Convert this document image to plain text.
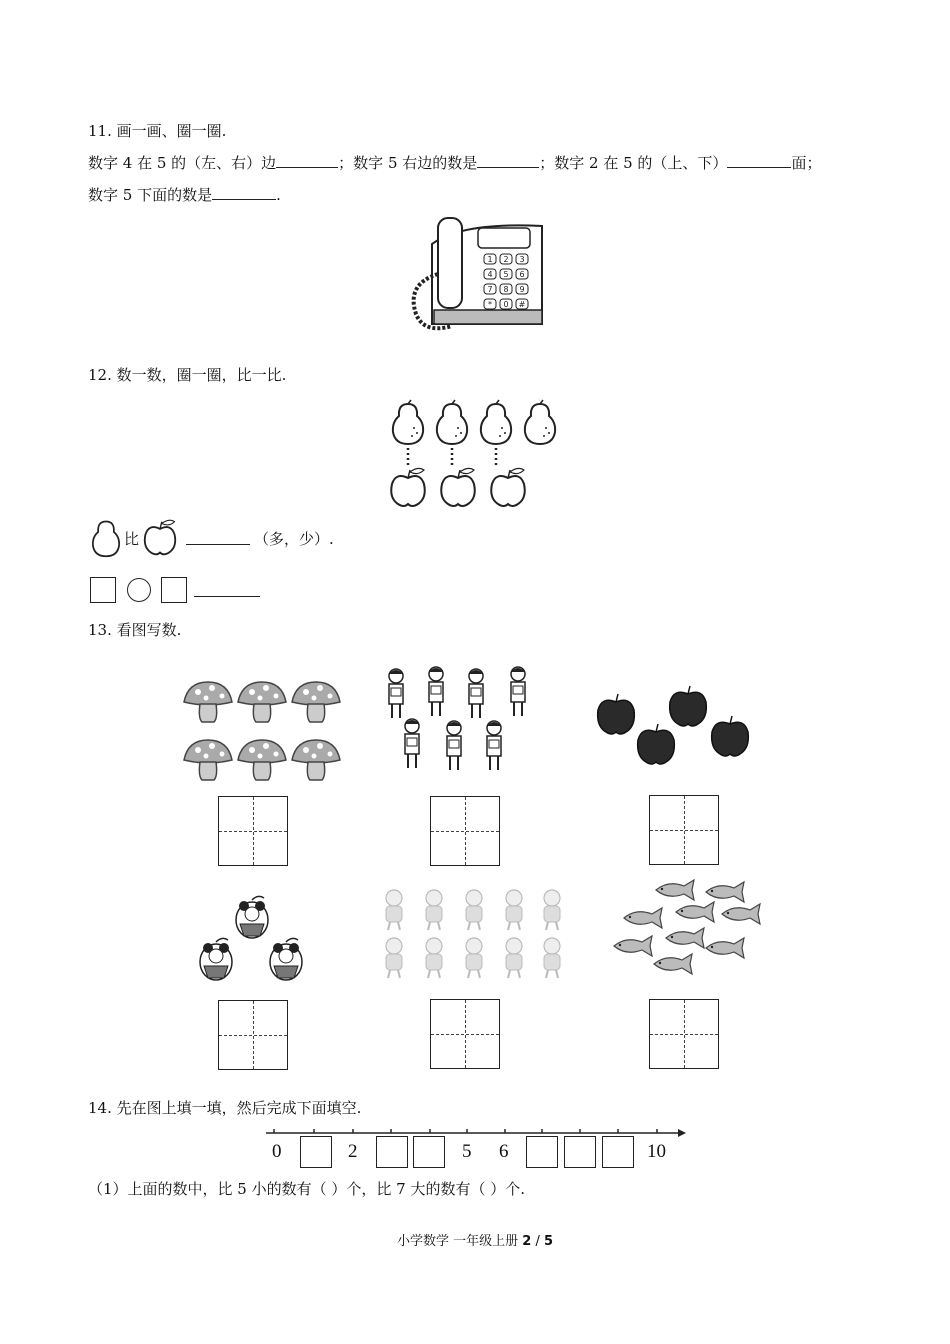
11. 画一画、圈一圈.
数字 4 在 5 的（左、右）边	；数字 5 右边的数是	；数字 2 在 5 的（上、下）	面；
数字 5 下面的数是	.
1 2 3
4 5 6
7 8 9
* 0 #
12. 数一数，圈一圈，比一比.
比	（多，少）.
13. 看图写数.
14. 先在图上填一填，然后完成下面填空.
0	2	5 6	10
（1）上面的数中，比 5 小的数有（ ）个，比 7 大的数有（ ）个.
小学数学 一年级上册 2 / 5
